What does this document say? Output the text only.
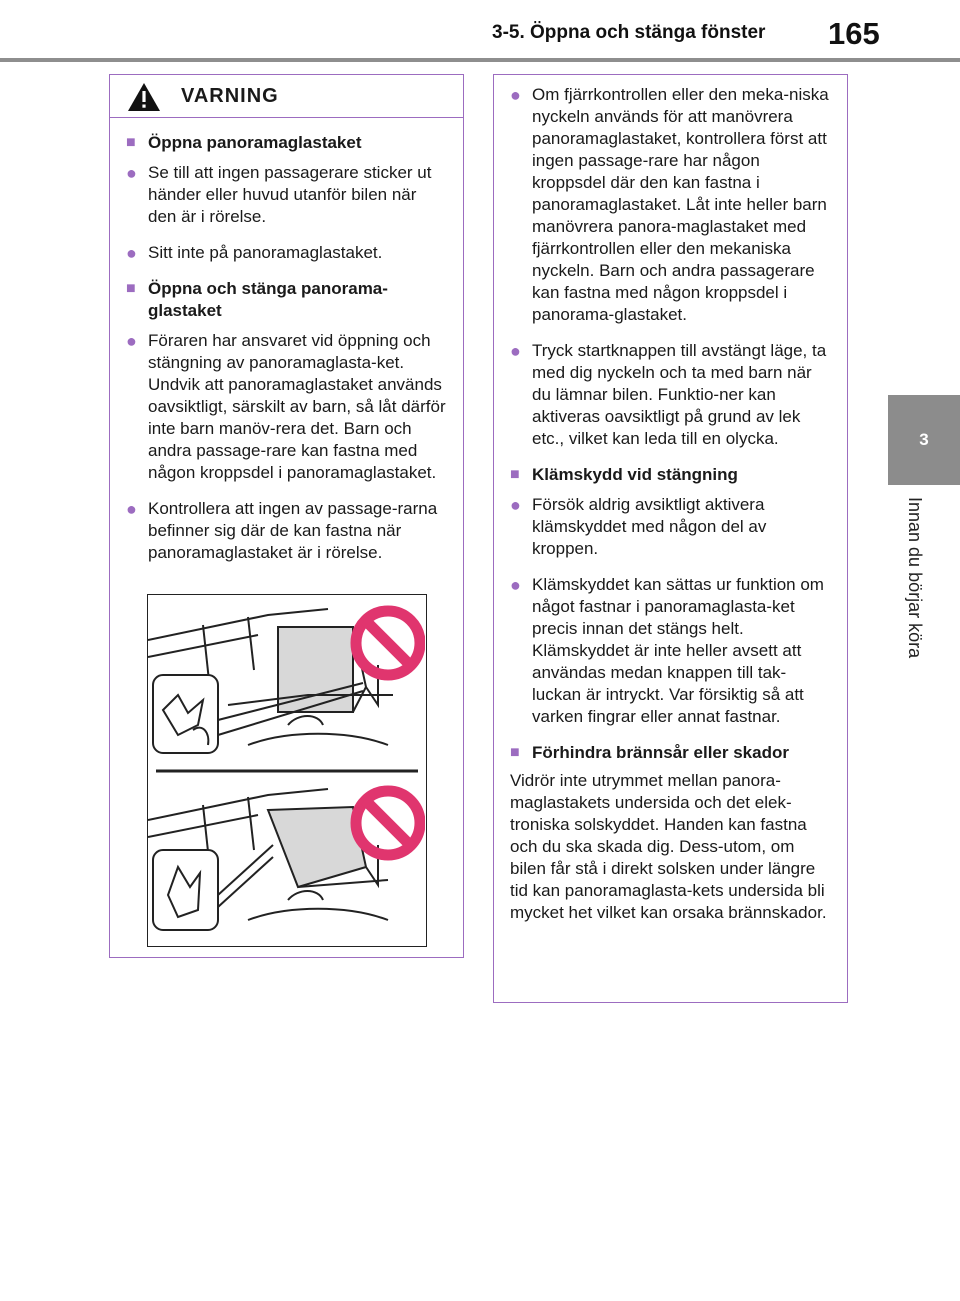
3-5. Öppna och stänga fönster 165
3
Innan du börjar köra
VARNING
■ Öppna panoramaglastaket
● Se till att ingen passagerare sticker ut händer eller huvud utanför bilen när den är i rörelse.
● Sitt inte på panoramaglastaket.
■ Öppna och stänga panorama-glastaket
● Föraren har ansvaret vid öppning och stängning av panoramaglasta-ket. Undvik att panoramaglastaket används oavsiktligt, särskilt av barn, så låt därför inte barn manöv-rera det. Barn och andra passage-rare kan fastna med någon kroppsdel i panoramaglastaket.
● Kontrollera att ingen av passage-rarna befinner sig där de kan fastna när panoramaglastaket är i rörelse.
● Om fjärrkontrollen eller den meka-niska nyckeln används för att manövrera panoramaglastaket, kontrollera först att ingen passage-rare har någon kroppsdel där den kan fastna i panoramaglastaket. Låt inte heller barn manövrera panora-maglastaket med fjärrkontrollen eller den mekaniska nyckeln. Barn och andra passagerare kan fastna med någon kroppsdel i panorama-glastaket.
● Tryck startknappen till avstängt läge, ta med dig nyckeln och ta med barn när du lämnar bilen. Funktio-ner kan aktiveras oavsiktligt på grund av lek etc., vilket kan leda till en olycka.
■ Klämskydd vid stängning
● Försök aldrig avsiktligt aktivera klämskyddet med någon del av kroppen.
● Klämskyddet kan sättas ur funktion om något fastnar i panoramaglasta-ket precis innan det stängs helt. Klämskyddet är inte heller avsett att användas medan knappen till tak-luckan är intryckt. Var försiktig så att varken fingrar eller annat fastnar.
■ Förhindra brännsår eller skador
Vidrör inte utrymmet mellan panora-maglastakets undersida och det elek-troniska solskyddet. Handen kan fastna och du ska skada dig. Dess-utom, om bilen får stå i direkt solsken under längre tid kan panoramaglasta-kets undersida bli mycket het vilket kan orsaka brännskador.
